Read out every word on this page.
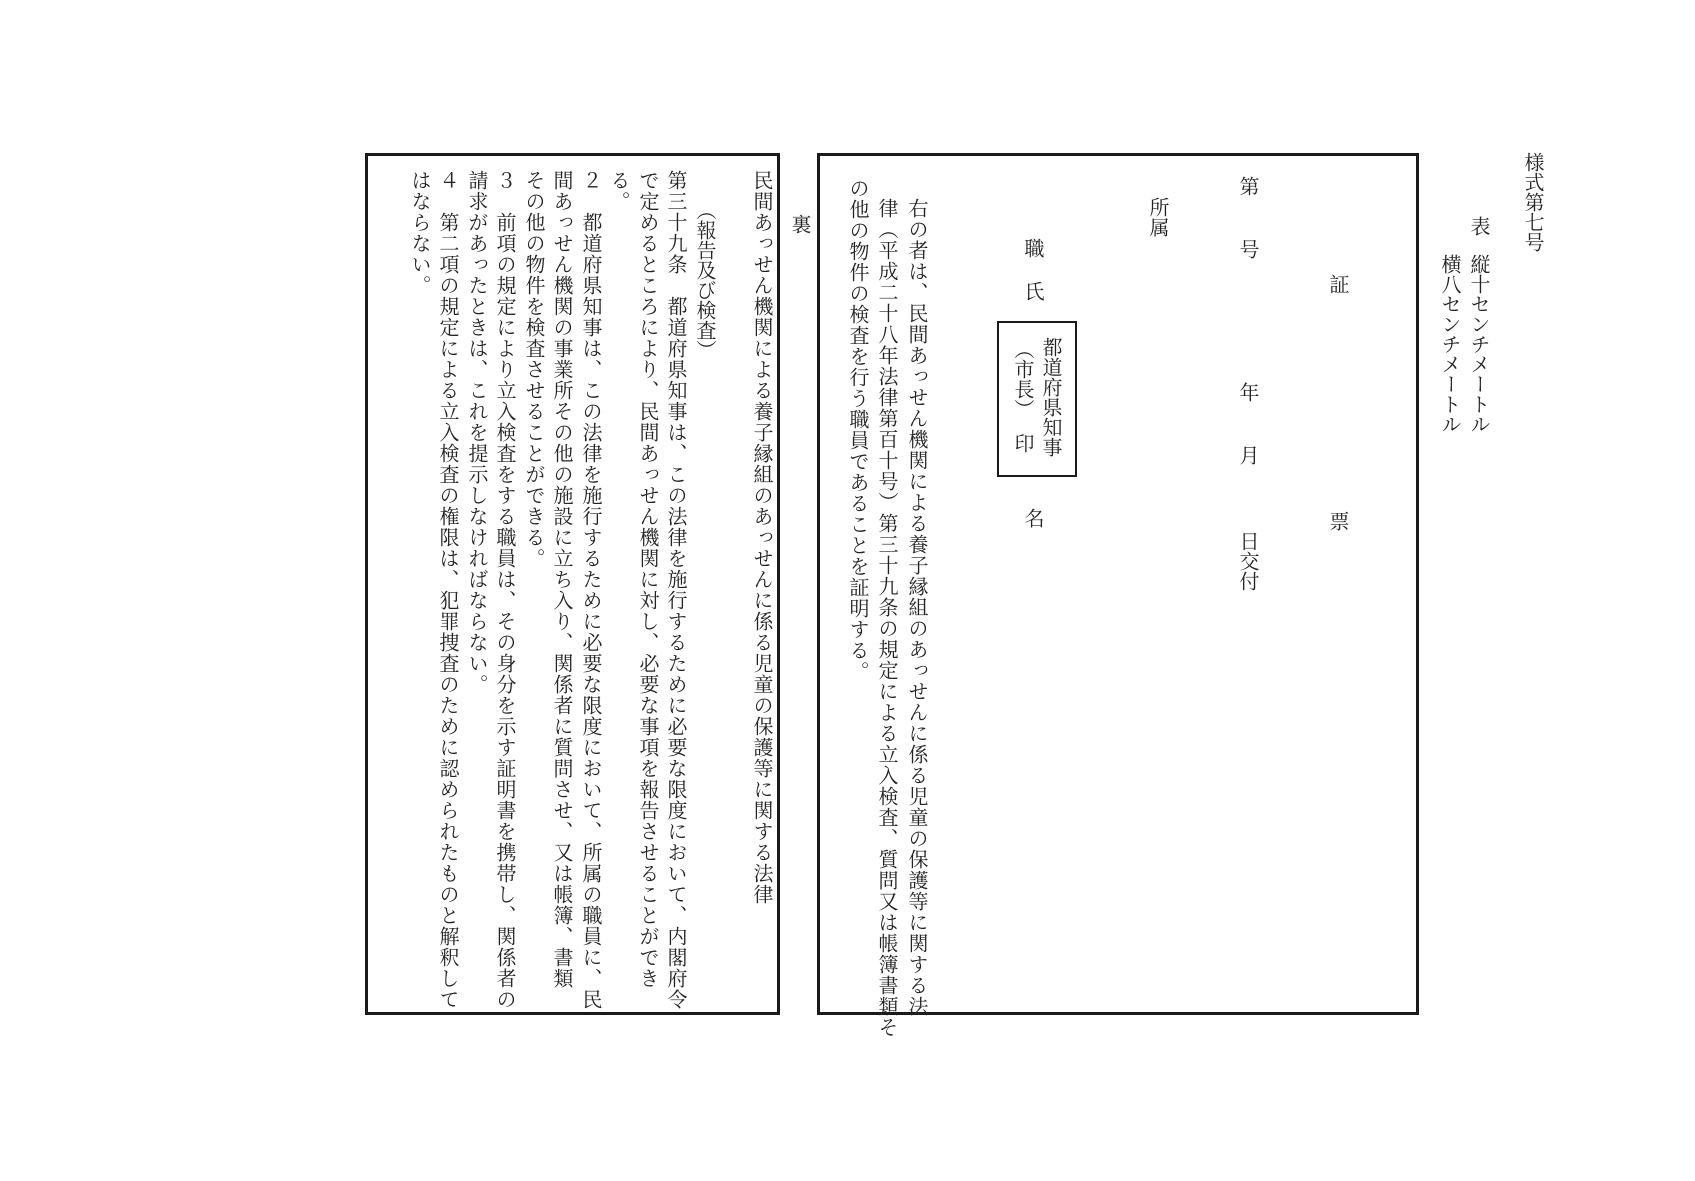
様式第七号
表
縦十センチメートル
横八センチメートル
証
票
第
号
年
月
日交付
所属
職
氏
名
都道府県知事
（市長）
印
右の者は、民間あっせん機関による養子縁組のあっせんに係る児童の保護等に関する法
律（平成二十八年法律第百十号）第三十九条の規定による立入検査、質問又は帳簿書類そ
の他の物件の検査を行う職員であることを証明する。
裏
民間あっせん機関による養子縁組のあっせんに係る児童の保護等に関する法律
（報告及び検査）
第三十九条　都道府県知事は、この法律を施行するために必要な限度において、内閣府令
で定めるところにより、民間あっせん機関に対し、必要な事項を報告させることができ
る。
２　都道府県知事は、この法律を施行するために必要な限度において、所属の職員に、民
間あっせん機関の事業所その他の施設に立ち入り、関係者に質問させ、又は帳簿、書類
その他の物件を検査させることができる。
３　前項の規定により立入検査をする職員は、その身分を示す証明書を携帯し、関係者の
請求があったときは、これを提示しなければならない。
４　第二項の規定による立入検査の権限は、犯罪捜査のために認められたものと解釈して
はならない。
